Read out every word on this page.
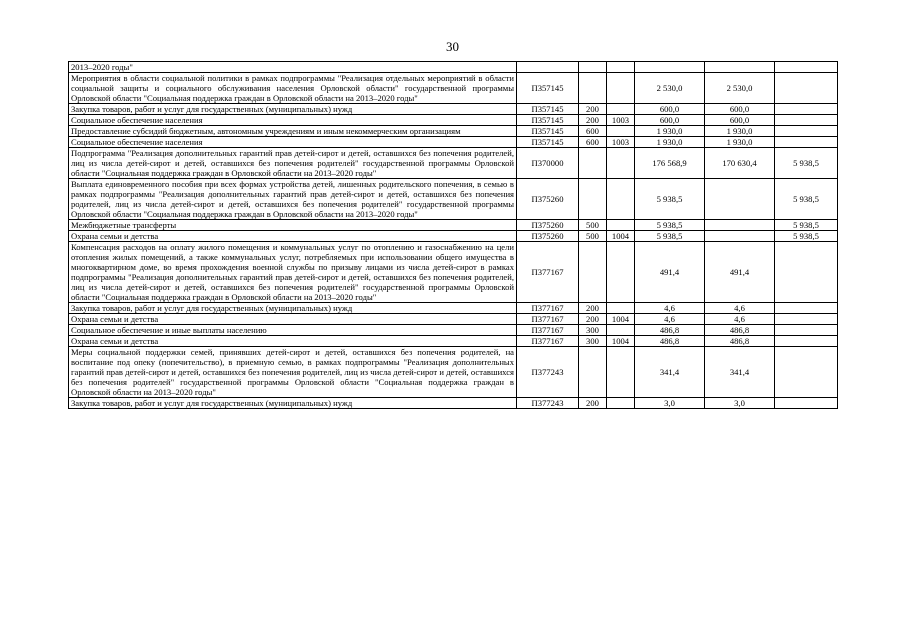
30
2013–2020 годы"						
Мероприятия в области социальной политики в рамках подпрограммы "Реализация отдельных мероприятий в области социальной защиты и социального обслуживания населения Орловской области" государственной программы Орловской области "Социальная поддержка граждан в Орловской области на 2013–2020 годы"	П357145			2 530,0	2 530,0	
Закупка товаров, работ и услуг для государственных (муниципальных) нужд	П357145	200		600,0	600,0	
Социальное обеспечение населения	П357145	200	1003	600,0	600,0	
Предоставление субсидий бюджетным, автономным учреждениям и иным некоммерческим организациям	П357145	600		1 930,0	1 930,0	
Социальное обеспечение населения	П357145	600	1003	1 930,0	1 930,0	
Подпрограмма "Реализация дополнительных гарантий прав детей-сирот и детей, оставшихся без попечения родителей, лиц из числа детей-сирот и детей, оставшихся без попечения родителей" государственной программы Орловской области "Социальная поддержка граждан в Орловской области на 2013–2020 годы"	П370000			176 568,9	170 630,4	5 938,5
Выплата единовременного пособия при всех формах устройства детей, лишенных родительского попечения, в семью в рамках подпрограммы "Реализация дополнительных гарантий прав детей-сирот и детей, оставшихся без попечения родителей, лиц из числа детей-сирот и детей, оставшихся без попечения родителей" государственной программы Орловской области "Социальная поддержка граждан в Орловской области на 2013–2020 годы"	П375260			5 938,5		5 938,5
Межбюджетные трансферты	П375260	500		5 938,5		5 938,5
Охрана семьи и детства	П375260	500	1004	5 938,5		5 938,5
Компенсация расходов на оплату жилого помещения и коммунальных услуг по отоплению и газоснабжению на цели отопления жилых помещений, а также коммунальных услуг, потребляемых при использовании общего имущества в многоквартирном доме, во время прохождения военной службы по призыву лицами из числа детей-сирот в рамках подпрограммы "Реализация дополнительных гарантий прав детей-сирот и детей, оставшихся без попечения родителей, лиц из числа детей-сирот и детей, оставшихся без попечения родителей" государственной программы Орловской области "Социальная поддержка граждан в Орловской области на 2013–2020 годы"	П377167			491,4	491,4	
Закупка товаров, работ и услуг для государственных (муниципальных) нужд	П377167	200		4,6	4,6	
Охрана семьи и детства	П377167	200	1004	4,6	4,6	
Социальное обеспечение и иные выплаты населению	П377167	300		486,8	486,8	
Охрана семьи и детства	П377167	300	1004	486,8	486,8	
Меры социальной поддержки семей, принявших детей-сирот и детей, оставшихся без попечения родителей, на воспитание под опеку (попечительство), в приемную семью, в рамках подпрограммы "Реализация дополнительных гарантий прав детей-сирот и детей, оставшихся без попечения родителей, лиц из числа детей-сирот и детей, оставшихся без попечения родителей" государственной программы Орловской области "Социальная поддержка граждан в Орловской области на 2013–2020 годы"	П377243			341,4	341,4	
Закупка товаров, работ и услуг для государственных (муниципальных) нужд	П377243	200		3,0	3,0	
